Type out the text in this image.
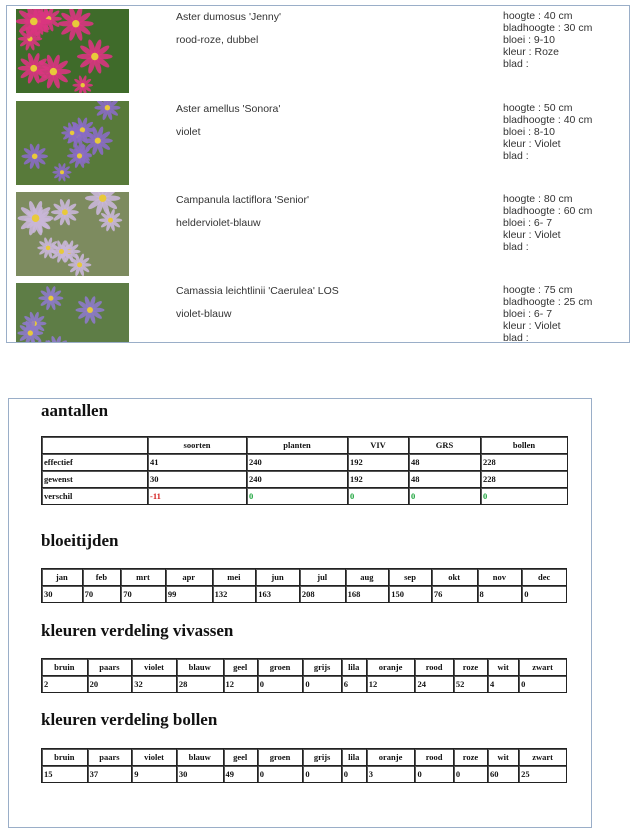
Aster dumosus 'Jenny'
rood-roze, dubbel
hoogte : 40 cm
bladhoogte : 30 cm
bloei : 9-10
kleur : Roze
blad :
Aster amellus 'Sonora'
violet
hoogte : 50 cm
bladhoogte : 40 cm
bloei : 8-10
kleur : Violet
blad :
Campanula lactiflora 'Senior'
helderviolet-blauw
hoogte : 80 cm
bladhoogte : 60 cm
bloei : 6- 7
kleur : Violet
blad :
Camassia leichtlinii 'Caerulea' LOS
violet-blauw
hoogte : 75 cm
bladhoogte : 25 cm
bloei : 6- 7
kleur : Violet
blad :
aantallen
	soorten	planten	VIV	GRS	bollen
effectief	41	240	192	48	228
gewenst	30	240	192	48	228
verschil	-11	0	0	0	0
bloeitijden
jan	feb	mrt	apr	mei	jun	jul	aug	sep	okt	nov	dec
30	70	70	99	132	163	208	168	150	76	8	0
kleuren verdeling vivassen
bruin	paars	violet	blauw	geel	groen	grijs	lila	oranje	rood	roze	wit	zwart
2	20	32	28	12	0	0	6	12	24	52	4	0
kleuren verdeling bollen
bruin	paars	violet	blauw	geel	groen	grijs	lila	oranje	rood	roze	wit	zwart
15	37	9	30	49	0	0	0	3	0	0	60	25
